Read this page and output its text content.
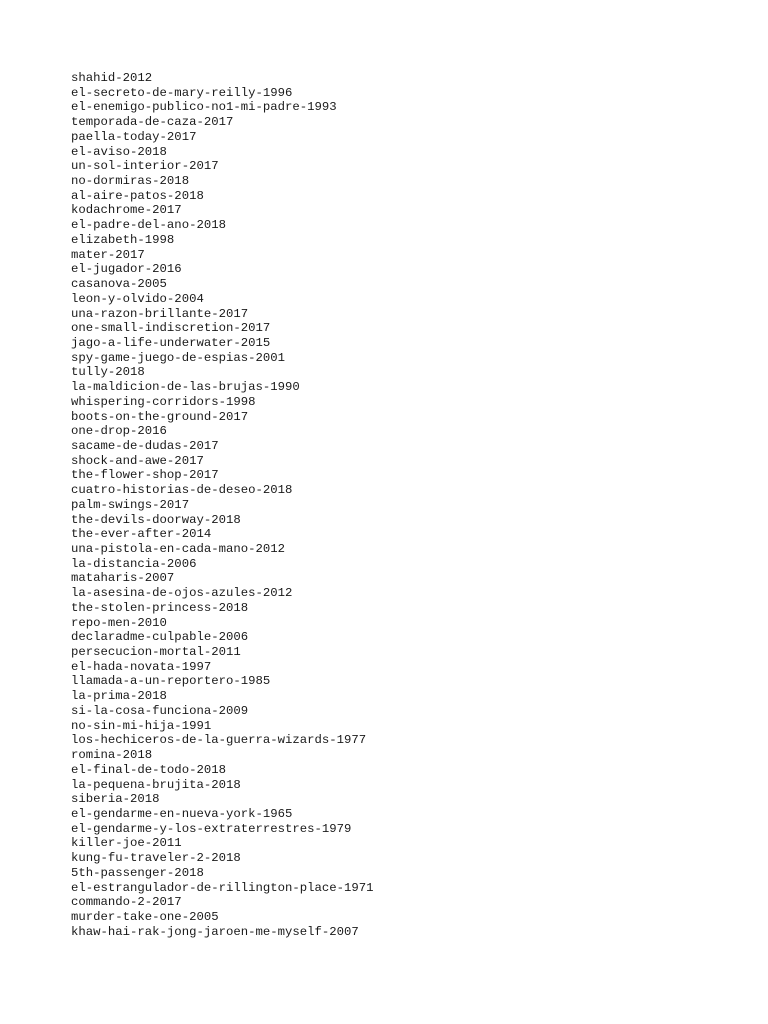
shahid-2012
el-secreto-de-mary-reilly-1996
el-enemigo-publico-no1-mi-padre-1993
temporada-de-caza-2017
paella-today-2017
el-aviso-2018
un-sol-interior-2017
no-dormiras-2018
al-aire-patos-2018
kodachrome-2017
el-padre-del-ano-2018
elizabeth-1998
mater-2017
el-jugador-2016
casanova-2005
leon-y-olvido-2004
una-razon-brillante-2017
one-small-indiscretion-2017
jago-a-life-underwater-2015
spy-game-juego-de-espias-2001
tully-2018
la-maldicion-de-las-brujas-1990
whispering-corridors-1998
boots-on-the-ground-2017
one-drop-2016
sacame-de-dudas-2017
shock-and-awe-2017
the-flower-shop-2017
cuatro-historias-de-deseo-2018
palm-swings-2017
the-devils-doorway-2018
the-ever-after-2014
una-pistola-en-cada-mano-2012
la-distancia-2006
mataharis-2007
la-asesina-de-ojos-azules-2012
the-stolen-princess-2018
repo-men-2010
declaradme-culpable-2006
persecucion-mortal-2011
el-hada-novata-1997
llamada-a-un-reportero-1985
la-prima-2018
si-la-cosa-funciona-2009
no-sin-mi-hija-1991
los-hechiceros-de-la-guerra-wizards-1977
romina-2018
el-final-de-todo-2018
la-pequena-brujita-2018
siberia-2018
el-gendarme-en-nueva-york-1965
el-gendarme-y-los-extraterrestres-1979
killer-joe-2011
kung-fu-traveler-2-2018
5th-passenger-2018
el-estrangulador-de-rillington-place-1971
commando-2-2017
murder-take-one-2005
khaw-hai-rak-jong-jaroen-me-myself-2007
